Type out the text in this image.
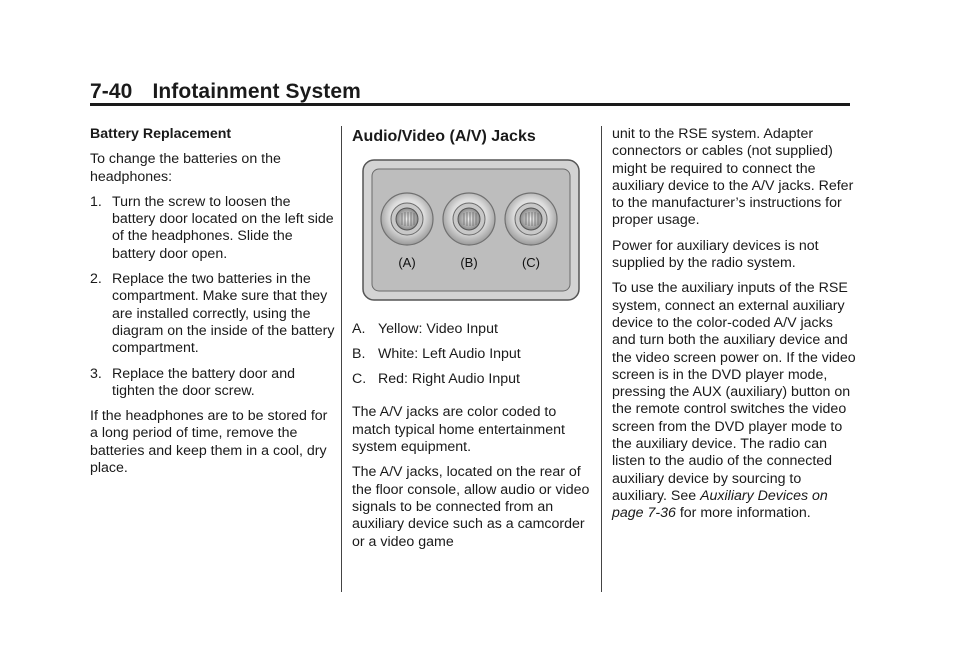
7-40 Infotainment System

Battery Replacement

To change the batteries on the headphones:

1. Turn the screw to loosen the battery door located on the left side of the headphones. Slide the battery door open.
2. Replace the two batteries in the compartment. Make sure that they are installed correctly, using the diagram on the inside of the battery compartment.
3. Replace the battery door and tighten the door screw.

If the headphones are to be stored for a long period of time, remove the batteries and keep them in a cool, dry place.

Audio/Video (A/V) Jacks
(A)	(B)	(C)
A. Yellow: Video Input
B. White: Left Audio Input
C. Red: Right Audio Input

The A/V jacks are color coded to match typical home entertainment system equipment.

The A/V jacks, located on the rear of the floor console, allow audio or video signals to be connected from an auxiliary device such as a camcorder or a video game

unit to the RSE system. Adapter connectors or cables (not supplied) might be required to connect the auxiliary device to the A/V jacks. Refer to the manufacturer’s instructions for proper usage.

Power for auxiliary devices is not supplied by the radio system.

To use the auxiliary inputs of the RSE system, connect an external auxiliary device to the color-coded A/V jacks and turn both the auxiliary device and the video screen power on. If the video screen is in the DVD player mode, pressing the AUX (auxiliary) button on the remote control switches the video screen from the DVD player mode to the auxiliary device. The radio can listen to the audio of the connected auxiliary device by sourcing to auxiliary. See Auxiliary Devices on page 7-36 for more information.
